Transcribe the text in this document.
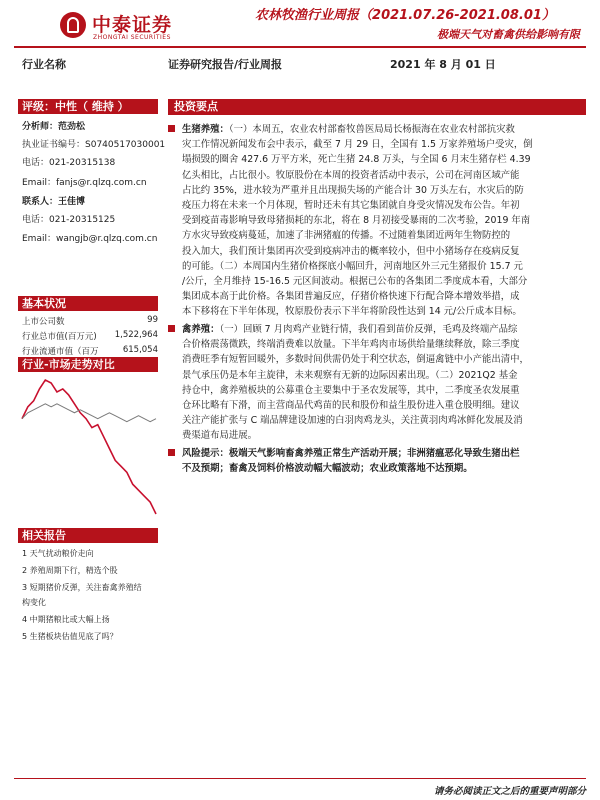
中泰证券
ZHONGTAI SECURITIES
农林牧渔行业周报（2021.07.26-2021.08.01）
极端天气对畜禽供给影响有限
行业名称	证券研究报告/行业周报	2021 年 8 月 01 日
评级：中性（ 维持 ）
分析师：范劲松
执业证书编号：S0740517030001
电话：021-20315138
Email：fanjs@r.qlzq.com.cn
联系人：王佳博
电话：021-20315125
Email：wangjb@r.qlzq.com.cn
基本状况
上市公司数	99
行业总市值(百万元) 1,522,964
行业流通市值（百万	615,054
行业-市场走势对比
相关报告
1 天气扰动粮价走向
2 养殖周期下行，精选个股
3 短期猪价反弹，关注畜禽养殖结
构变化
4 中期猪粮比或大幅上扬
5 生猪板块估值见底了吗？
投资要点
生猪养殖：（一）本周五，农业农村部畜牧兽医局局长杨振海在农业农村部抗灾救
灾工作情况新闻发布会中表示，截至 7 月 29 日，全国有 1.5 万家养殖场户受灾，倒
塌损毁的圈舍 427.6 万平方米，死亡生猪 24.8 万头，与全国 6 月末生猪存栏 4.39
亿头相比，占比很小。牧原股份在本周的投资者活动中表示，公司在河南区域产能
占比约 35%，进水较为严重并且出现损失场的产能合计 30 万头左右，水灾后的防
疫压力将在未来一个月体现，暂时还未有其它集团就自身受灾情况发布公告。年初
受到疫苗毒影响导致母猪损耗的东北，将在 8 月初接受暴雨的二次考验，2019 年南
方水灾导致疫病蔓延，加速了非洲猪瘟的传播。不过随着集团近两年生物防控的
投入加大，我们预计集团再次受到疫病冲击的概率较小，但中小猪场存在疫病反复
的可能。（二）本周国内生猪价格探底小幅回升，河南地区外三元生猪报价 15.7 元
/公斤，全月维持 15-16.5 元区间波动。根据已公布的各集团二季度成本看，大部分
集团成本高于此价格。各集团普遍反应，仔猪价格快速下行配合降本增效举措，成
本下移将在下半年体现，牧原股份表示下半年将阶段性达到 14 元/公斤成本目标。
禽养殖：（一）回顾 7 月肉鸡产业链行情，我们看到苗价反弹，毛鸡及终端产品综
合价格震荡微跌，终端消费难以放量。下半年鸡肉市场供给量继续释放，除三季度
消费旺季有短暂回暖外，多数时间供需仍处于利空状态，倒逼禽链中小产能出清中，
景气承压仍是本年主旋律，未来观察有无新的边际因素出现。（二）2021Q2 基金
持仓中，禽养殖板块的公募重仓主要集中于圣农发展等，其中，二季度圣农发展重
仓环比略有下滑，而主营商品代鸡苗的民和股份和益生股份进入重仓股明细。建议
关注产能扩张与 C 端品牌建设加速的白羽肉鸡龙头，关注黄羽肉鸡冰鲜化发展及消
费渠道布局进展。
风险提示：极端天气影响畜禽养殖正常生产活动开展；非洲猪瘟恶化导致生猪出栏
不及预期；畜禽及饲料价格波动幅大幅波动；农业政策落地不达预期。
请务必阅读正文之后的重要声明部分
